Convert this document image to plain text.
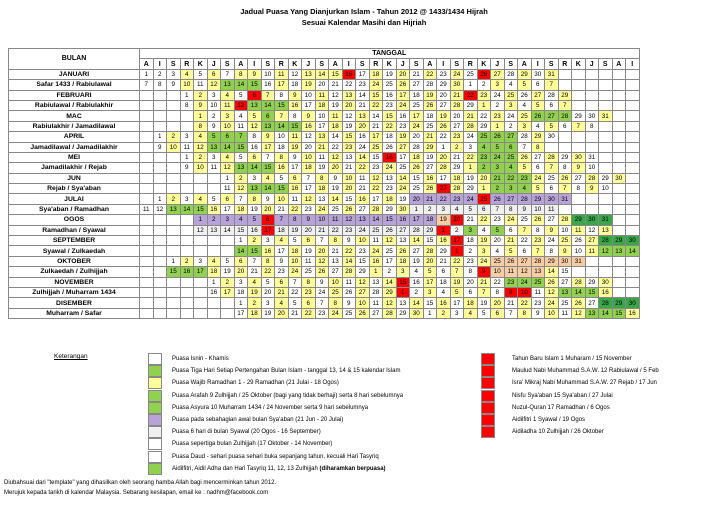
Jadual Puasa Yang Dianjurkan Islam - Tahun 2012 @ 1433/1434 Hijrah
Sesuai Kalendar Masihi dan Hijriah
BULAN	TANGGAL																																				
	A	I	S	R	K	J	S	A	I	S	R	K	J	S	A	I	S	R	K	J	S	A	I	S	R	K	J	S	A	I	S	R	K	J	S	A	I
JANUARI	1	2	3	4	5	6	7	8	9	10	11	12	13	14	15	16	17	18	19	20	21	22	23	24	25	26	27	28	29	30	31						
Safar 1433 / Rabiulawal	7	8	9	10	11	12	13	14	15	16	17	18	19	20	21	22	23	24	25	26	27	28	29	30	1	2	3	4	5	6	7						
FEBRUARI				1	2	3	4	5	6	7	8	9	10	11	12	13	14	15	16	17	18	19	20	21	22	23	24	25	26	27	28	29					
Rabiulawal / Rabiulakhir				8	9	10	11	12	13	14	15	16	17	18	19	20	21	22	23	24	25	26	27	28	29	1	2	3	4	5	6	7					
MAC					1	2	3	4	5	6	7	8	9	10	11	12	13	14	15	16	17	18	19	20	21	22	23	24	25	26	27	28	29	30	31		
Rabiulakhir / Jamadilawal					8	9	10	11	12	13	14	15	16	17	18	19	20	21	22	23	24	25	26	27	28	29	1	2	3	4	5	6	7	8			
APRIL		1	2	3	4	5	6	7	8	9	10	11	12	13	14	15	16	17	18	19	20	21	22	23	24	25	26	27	28	29	30						
Jamadilawal / Jamadilakhir		9	10	11	12	13	14	15	16	17	18	19	20	21	22	23	24	25	26	27	28	29	1	2	3	4	5	6	7	8							
MEI				1	2	3	4	5	6	7	8	9	10	11	12	13	14	15	16	17	18	19	20	21	22	23	24	25	26	27	28	29	30	31			
Jamadilakhir / Rejab				9	10	11	12	13	14	15	16	17	18	19	20	21	22	23	24	25	26	27	28	29	1	2	3	4	5	6	7	8	9	10			
JUN							1	2	3	4	5	6	7	8	9	10	11	12	13	14	15	16	17	18	19	20	21	22	23	24	25	26	27	28	29	30	
Rejab / Sya'aban							11	12	13	14	15	16	17	18	19	20	21	22	23	24	25	26	27	28	29	1	2	3	4	5	6	7	8	9	10		
JULAI		1	2	3	4	5	6	7	8	9	10	11	12	13	14	15	16	17	18	19	20	21	22	23	24	25	26	27	28	29	30	31					
Sya'aban / Ramadhan	11	12	13	14	15	16	17	18	19	20	21	22	23	24	25	26	27	28	29	30	1	2	3	4	5	6	7	8	9	10	11						
OGOS					1	2	3	4	5	6	7	8	9	10	11	12	13	14	15	16	17	18	19	20	21	22	23	24	25	26	27	28	29	30	31		
Ramadhan / Syawal					12	13	14	15	16	17	18	19	20	21	22	23	24	25	26	27	28	29	1	2	3	4	5	6	7	8	9	10	11	12	13		
SEPTEMBER								1	2	3	4	5	6	7	8	9	10	11	12	13	14	15	16	17	18	19	20	21	22	23	24	25	26	27	28	29	30
Syawal / Zulkaedah								14	15	16	17	18	19	20	21	22	23	24	25	26	27	28	29	1	2	3	4	5	6	7	8	9	10	11	12	13	14
OKTOBER			1	2	3	4	5	6	7	8	9	10	11	12	13	14	15	16	17	18	19	20	21	22	23	24	25	26	27	28	29	30	31				
Zulkaedah / Zulhijjah			15	16	17	18	19	20	21	22	23	24	25	26	27	28	29	1	2	3	4	5	6	7	8	9	10	11	12	13	14	15					
NOVEMBER						1	2	3	4	5	6	7	8	9	10	11	12	13	14	15	16	17	18	19	20	21	22	23	24	25	26	27	28	29	30		
Zulhijjah / Muharram 1434						16	17	18	19	20	21	22	23	24	25	26	27	28	29	1	2	3	4	5	6	7	8	9	10	11	12	13	14	15	16		
DISEMBER								1	2	3	4	5	6	7	8	9	10	11	12	13	14	15	16	17	18	19	20	21	22	23	24	25	26	27	28	29	30
Muharram / Safar								17	18	19	20	21	22	23	24	25	26	27	28	29	30	1	2	3	4	5	6	7	8	9	10	11	12	13	14	15	16
Keterangan	Puasa Isnin - Khamis
Puasa Tiga Hari Setiap Pertengahan Bulan Islam - tanggal 13, 14 & 15 kalendar Islam
Puasa Wajib Ramadhan 1 - 29 Ramadhan (21 Julai - 18 Ogos)
Puasa Arafah 9 Zulhijjah / 25 Oktober (bagi yang tidak berhaji) serta 8 hari sebelumnya
Puasa Asyura 10 Muharram 1434 / 24 November serta 9 hari sebelumnya
Puasa pada sebahagian awal bulan Sya'aban (21 Jun - 20 Julai)
Puasa 6 hari di bulan Syawal (20 Ogos - 16 September)
Puasa sepertiga bulan Zulhijjah (17 Oktober - 14 November)
Puasa Daud - sehari puasa sehari buka sepanjang tahun, kecuali Hari Tasyriq
Aidilfitri, Aidil Adha dan Hari Tasyriq 11, 12, 13 Zulhijjah (diharamkan berpuasa)
Tahun Baru Islam 1 Muharam / 15 November
Maulud Nabi Muhammad S.A.W. 12 Rabiulawal / 5 Feb
Isra' Mikraj Nabi Muhammad S.A.W. 27 Rejab / 17 Jun
Nisfu Sya'aban 15 Sya'aban / 27 Julai
Nuzul-Quran 17 Ramadhan / 6 Ogos
Aidilfitri 1 Syawal / 19 Ogos
Aidiladha 10 Zulhijjah / 26 Oktober
Diubahsuai dari "template" yang dihasilkan oleh seorang hamba Allah bagi mencerminkan tahun 2012.
Merujuk kepada tarikh di kalendar Malaysia. Sebarang kesilapan, email ke : nadhm@facebook.com
